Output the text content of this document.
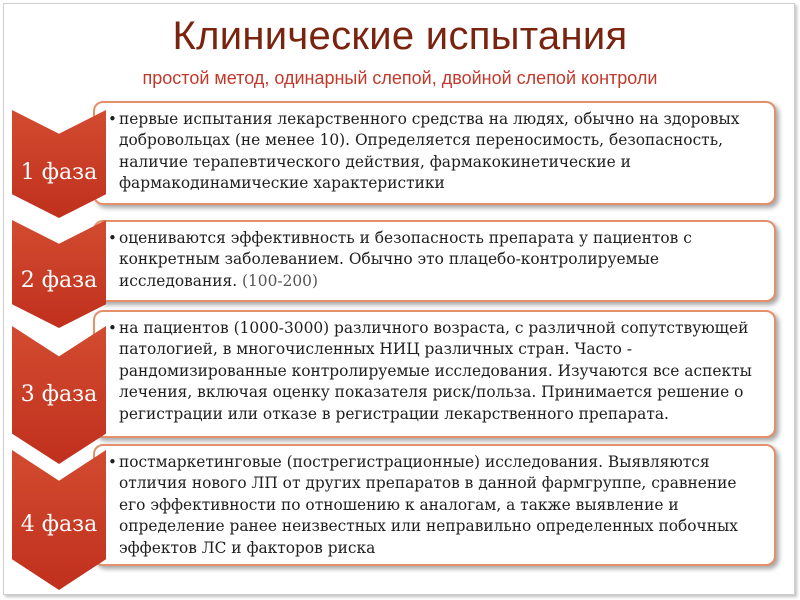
Клинические испытания
простой метод, одинарный слепой, двойной слепой контроли
• первые испытания лекарственного средства на людях, обычно на здоровых добровольцах (не менее 10). Определяется переносимость, безопасность, наличие терапевтического действия, фармакокинетические и фармакодинамические характеристики
1 фаза
• оцениваются эффективность и безопасность препарата у пациентов с конкретным заболеванием. Обычно это плацебо-контролируемые исследования. (100-200)
2 фаза
• на пациентов (1000-3000) различного возраста, с различной сопутствующей патологией, в многочисленных НИЦ различных стран. Часто - рандомизированные контролируемые исследования. Изучаются все аспекты лечения, включая оценку показателя риск/польза. Принимается решение о регистрации или отказе в регистрации лекарственного препарата.
3 фаза
• постмаркетинговые (пострегистрационные) исследования. Выявляются отличия нового ЛП от других препаратов в данной фармгруппе, сравнение его эффективности по отношению к аналогам, а также выявление и определение ранее неизвестных или неправильно определенных побочных эффектов ЛС и факторов риска
4 фаза
